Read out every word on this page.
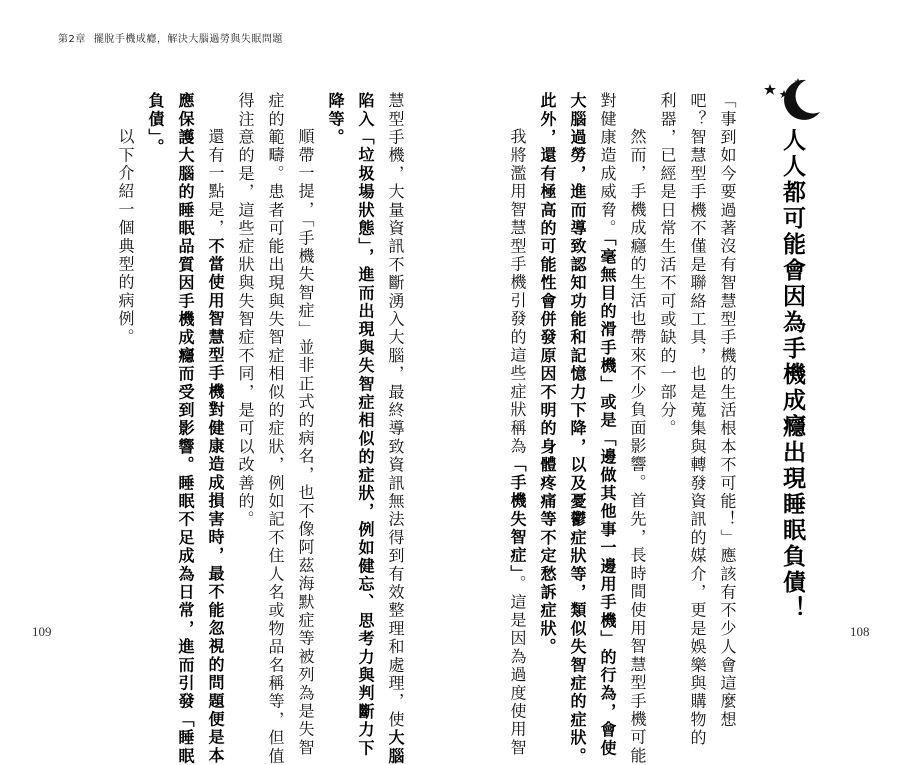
第2章 擺脫手機成癮，解決大腦過勞與失眠問題
人人都可能會因為手機成癮出現睡眠負債！
「事到如今要過著沒有智慧型手機的生活根本不可能！」應該有不少人會這麼想
吧？智慧型手機不僅是聯絡工具，也是蒐集與轉發資訊的媒介，更是娛樂與購物的
利器，已經是日常生活不可或缺的一部分。
然而，手機成癮的生活也帶來不少負面影響。首先，長時間使用智慧型手機可能
對健康造成威脅。「毫無目的滑手機」或是「邊做其他事一邊用手機」的行為，會使
大腦過勞，進而導致認知功能和記憶力下降，以及憂鬱症狀等，類似失智症的症狀。
此外，還有極高的可能性會併發原因不明的身體疼痛等不定愁訴症狀。
我將濫用智慧型手機引發的這些症狀稱為「手機失智症」。這是因為過度使用智
慧型手機，大量資訊不斷湧入大腦，最終導致資訊無法得到有效整理和處理，使大腦
陷入「垃圾場狀態」，進而出現與失智症相似的症狀，例如健忘、思考力與判斷力下
降等。
順帶一提，「手機失智症」並非正式的病名，也不像阿茲海默症等被列為是失智
症的範疇。患者可能出現與失智症相似的症狀，例如記不住人名或物品名稱等，但值
得注意的是，這些症狀與失智症不同，是可以改善的。
還有一點是，不當使用智慧型手機對健康造成損害時，最不能忽視的問題便是本
應保護大腦的睡眠品質因手機成癮而受到影響。睡眠不足成為日常，進而引發「睡眠
負債」。
以下介紹一個典型的病例。
109	108
